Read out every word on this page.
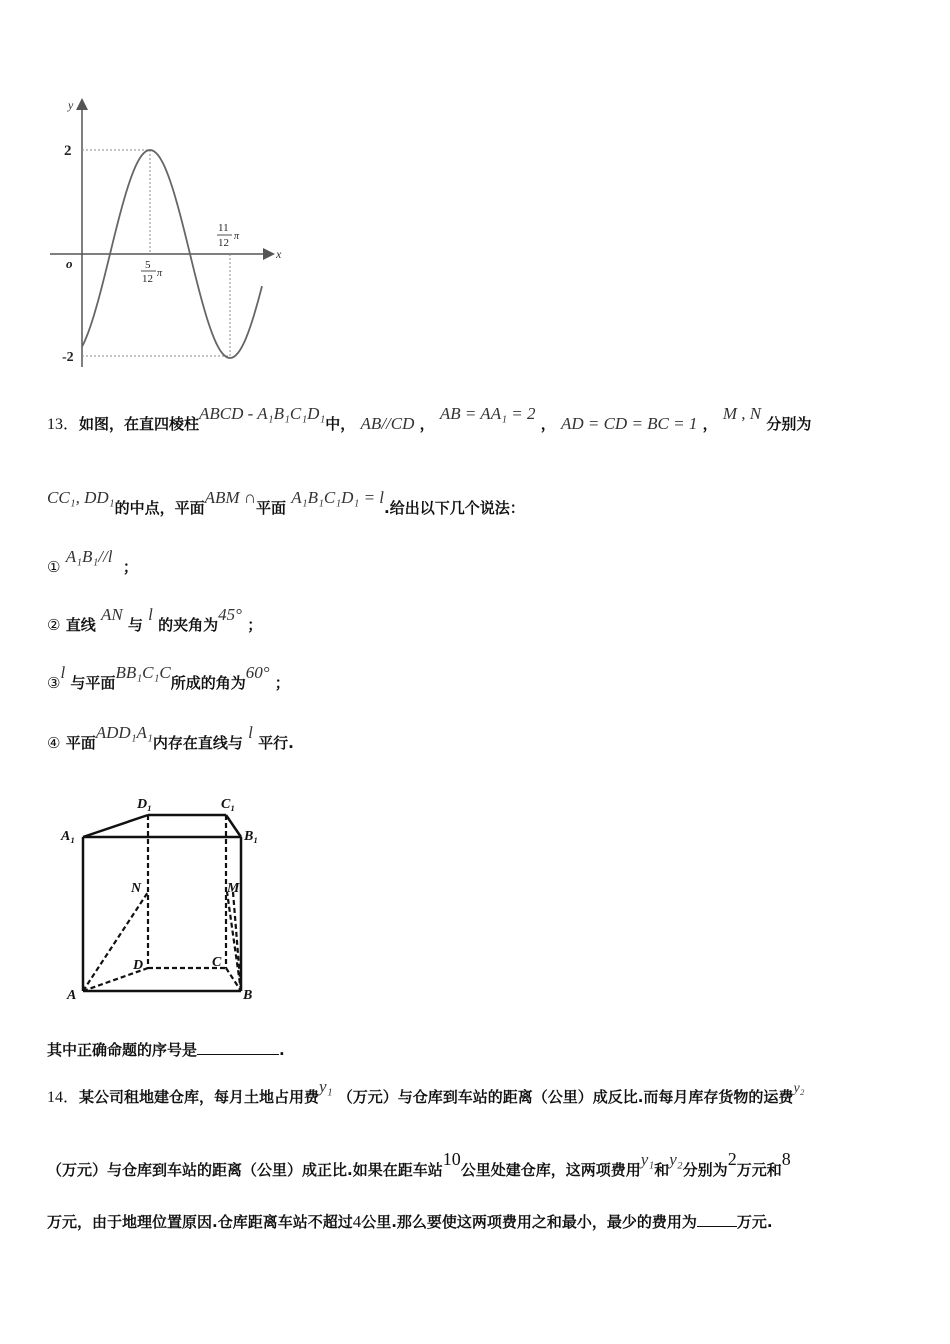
y
x
o
2
-2
5
12 π
11
12
π
13．如图，在直四棱柱ABCD - A₁B₁C₁D₁中， AB//CD ， AB = AA₁ = 2 ， AD = CD = BC = 1 ， M , N 分别为
CC₁, DD₁的中点，平面ABM ∩平面 A₁B₁C₁D₁ = l.给出以下几个说法：
① A₁B₁//l  ；
② 直线 AN 与 l 的夹角为45° ；
③l 与平面BB₁C₁C所成的角为60° ；
④ 平面ADD₁A₁内存在直线与 l 平行.
A₁
D₁	C₁
B₁
N	M
D	C
A	B
其中正确命题的序号是	.
14．某公司租地建仓库，每月土地占用费y₁ （万元）与仓库到车站的距离（公里）成反比.而每月库存货物的运费y₂
（万元）与仓库到车站的距离（公里）成正比.如果在距车站10公里处建仓库，这两项费用y₁和y₂分别为2万元和8
万元，由于地理位置原因.仓库距离车站不超过4公里.那么要使这两项费用之和最小，最少的费用为	万元.
